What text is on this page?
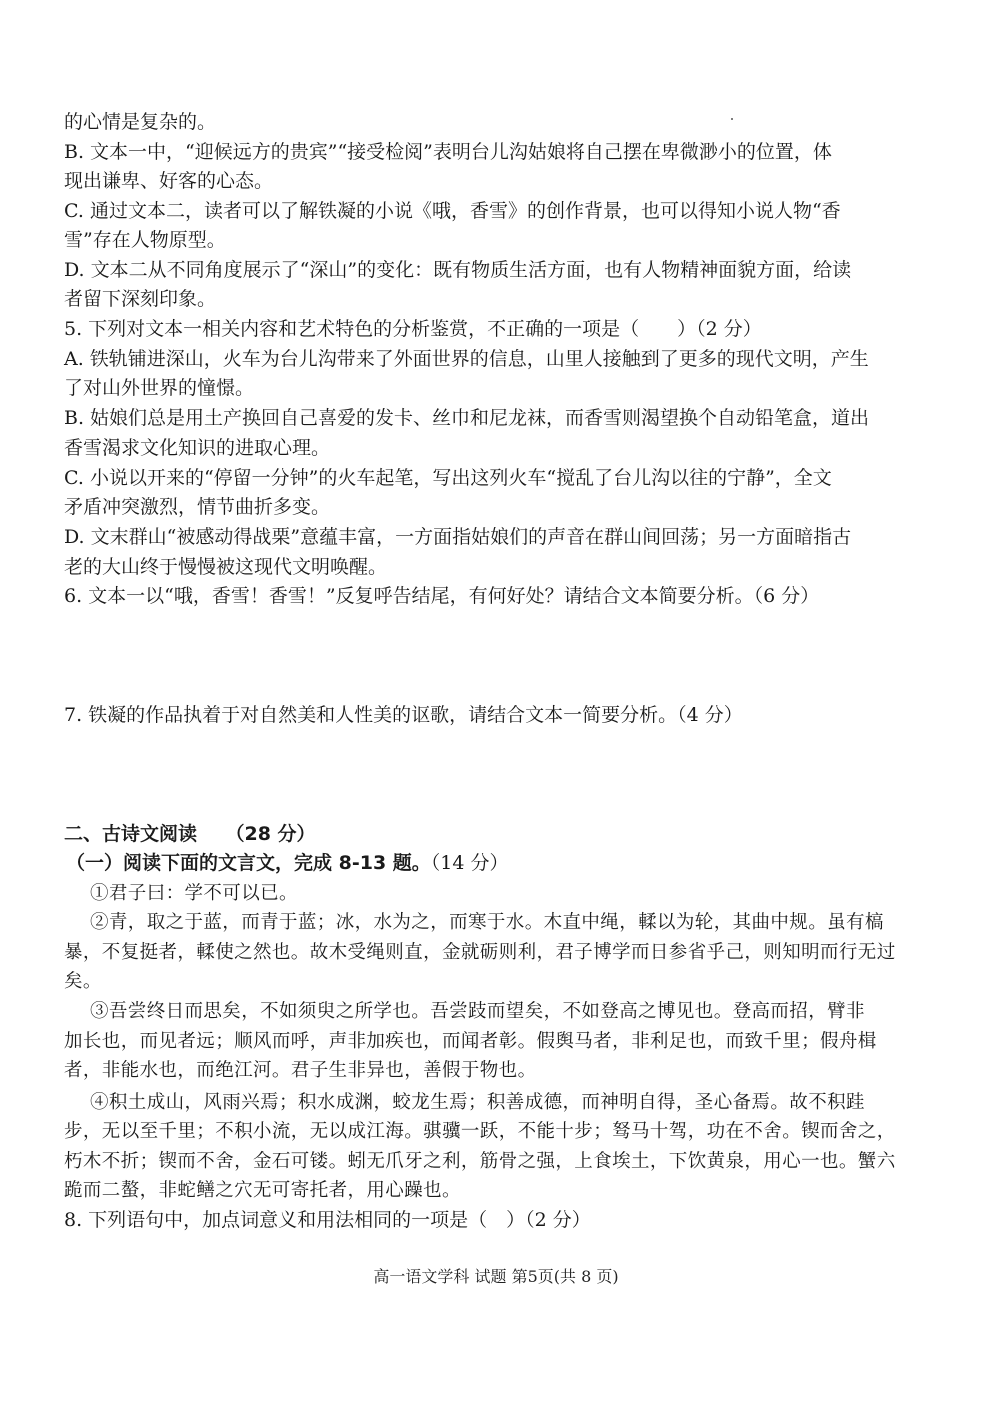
的心情是复杂的。
B. 文本一中，“迎候远方的贵宾”“接受检阅”表明台儿沟姑娘将自己摆在卑微渺小的位置，体
现出谦卑、好客的心态。
C. 通过文本二，读者可以了解铁凝的小说《哦，香雪》的创作背景，也可以得知小说人物“香
雪”存在人物原型。
D. 文本二从不同角度展示了“深山”的变化：既有物质生活方面，也有人物精神面貌方面，给读
者留下深刻印象。
5. 下列对文本一相关内容和艺术特色的分析鉴赏，不正确的一项是（　　）（2 分）
A. 铁轨铺进深山，火车为台儿沟带来了外面世界的信息，山里人接触到了更多的现代文明，产生
了对山外世界的憧憬。
B. 姑娘们总是用土产换回自己喜爱的发卡、丝巾和尼龙袜，而香雪则渴望换个自动铅笔盒，道出
香雪渴求文化知识的进取心理。
C. 小说以开来的“停留一分钟”的火车起笔，写出这列火车“搅乱了台儿沟以往的宁静”，全文
矛盾冲突激烈，情节曲折多变。
D. 文末群山“被感动得战栗”意蕴丰富，一方面指姑娘们的声音在群山间回荡；另一方面暗指古
老的大山终于慢慢被这现代文明唤醒。
6. 文本一以“哦，香雪！香雪！”反复呼告结尾，有何好处？请结合文本简要分析。（6 分）
7. 铁凝的作品执着于对自然美和人性美的讴歌，请结合文本一简要分析。（4 分）
二、古诗文阅读　　（28 分）
（一）阅读下面的文言文，完成 8-13 题。（14 分）
①君子曰：学不可以已。
②青，取之于蓝，而青于蓝；冰，水为之，而寒于水。木直中绳，輮以为轮，其曲中规。虽有槁
暴，不复挺者，輮使之然也。故木受绳则直，金就砺则利，君子博学而日参省乎己，则知明而行无过
矣。
③吾尝终日而思矣，不如须臾之所学也。吾尝跂而望矣，不如登高之博见也。登高而招，臂非
加长也，而见者远；顺风而呼，声非加疾也，而闻者彰。假舆马者，非利足也，而致千里；假舟楫
者，非能水也，而绝江河。君子生非异也，善假于物也。
④积土成山，风雨兴焉；积水成渊，蛟龙生焉；积善成德，而神明自得，圣心备焉。故不积跬
步，无以至千里；不积小流，无以成江海。骐骥一跃，不能十步；驽马十驾，功在不舍。锲而舍之，
朽木不折；锲而不舍，金石可镂。蚓无爪牙之利，筋骨之强，上食埃土，下饮黄泉，用心一也。蟹六
跪而二螯，非蛇鳝之穴无可寄托者，用心躁也。
8. 下列语句中，加点词意义和用法相同的一项是（　）（2 分）
高一语文学科 试题 第5页(共 8 页)
